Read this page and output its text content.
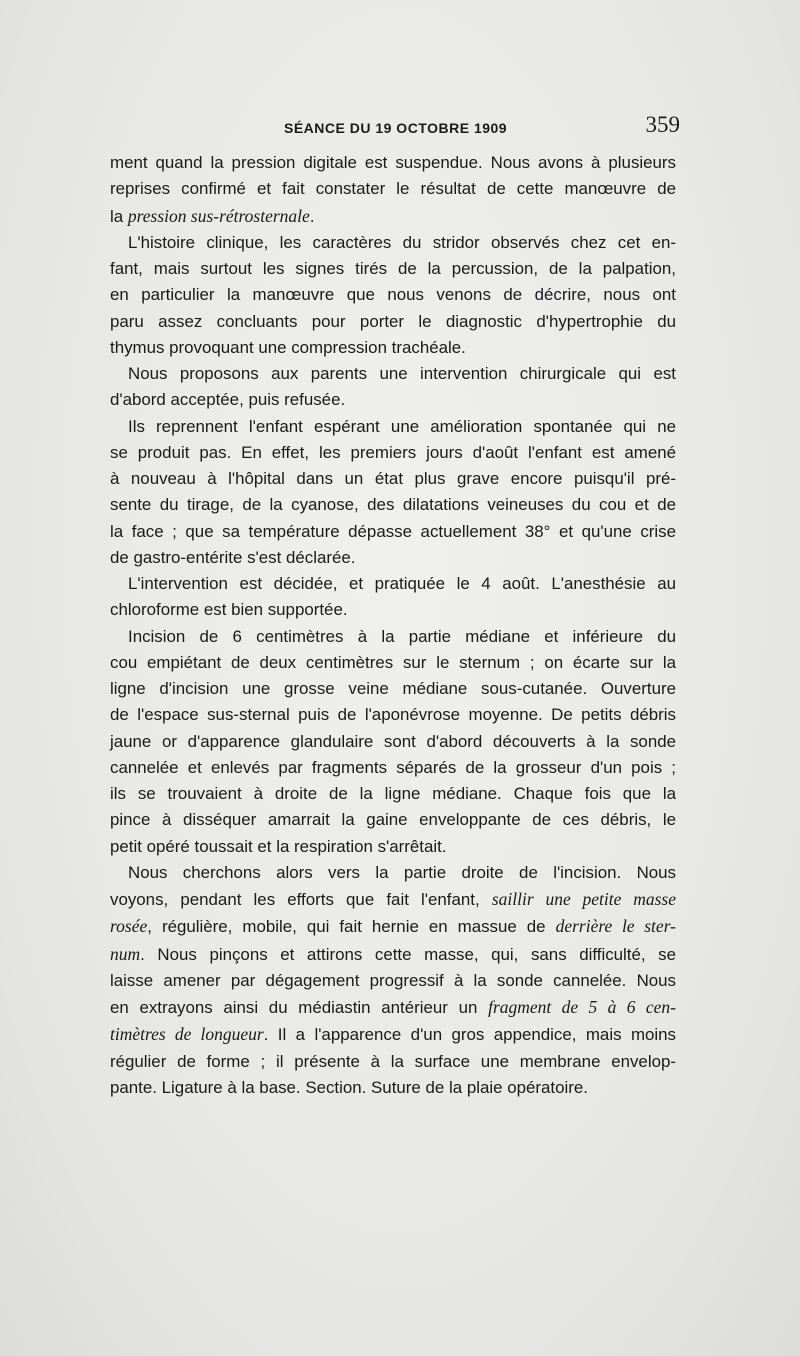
SÉANCE DU 19 OCTOBRE 1909	359
ment quand la pression digitale est suspendue. Nous avons à plusieurs
reprises confirmé et fait constater le résultat de cette manœuvre de
la pression sus-rétrosternale.
L'histoire clinique, les caractères du stridor observés chez cet en-
fant, mais surtout les signes tirés de la percussion, de la palpation,
en particulier la manœuvre que nous venons de décrire, nous ont
paru assez concluants pour porter le diagnostic d'hypertrophie du
thymus provoquant une compression trachéale.
Nous proposons aux parents une intervention chirurgicale qui est
d'abord acceptée, puis refusée.
Ils reprennent l'enfant espérant une amélioration spontanée qui ne
se produit pas. En effet, les premiers jours d'août l'enfant est amené
à nouveau à l'hôpital dans un état plus grave encore puisqu'il pré-
sente du tirage, de la cyanose, des dilatations veineuses du cou et de
la face ; que sa température dépasse actuellement 38° et qu'une crise
de gastro-entérite s'est déclarée.
L'intervention est décidée, et pratiquée le 4 août. L'anesthésie au
chloroforme est bien supportée.
Incision de 6 centimètres à la partie médiane et inférieure du
cou empiétant de deux centimètres sur le sternum ; on écarte sur la
ligne d'incision une grosse veine médiane sous-cutanée. Ouverture
de l'espace sus-sternal puis de l'aponévrose moyenne. De petits débris
jaune or d'apparence glandulaire sont d'abord découverts à la sonde
cannelée et enlevés par fragments séparés de la grosseur d'un pois ;
ils se trouvaient à droite de la ligne médiane. Chaque fois que la
pince à disséquer amarrait la gaine enveloppante de ces débris, le
petit opéré toussait et la respiration s'arrêtait.
Nous cherchons alors vers la partie droite de l'incision. Nous
voyons, pendant les efforts que fait l'enfant, saillir une petite masse
rosée, régulière, mobile, qui fait hernie en massue de derrière le ster-
num. Nous pinçons et attirons cette masse, qui, sans difficulté, se
laisse amener par dégagement progressif à la sonde cannelée. Nous
en extrayons ainsi du médiastin antérieur un fragment de 5 à 6 cen-
timètres de longueur. Il a l'apparence d'un gros appendice, mais moins
régulier de forme ; il présente à la surface une membrane envelop-
pante. Ligature à la base. Section. Suture de la plaie opératoire.
